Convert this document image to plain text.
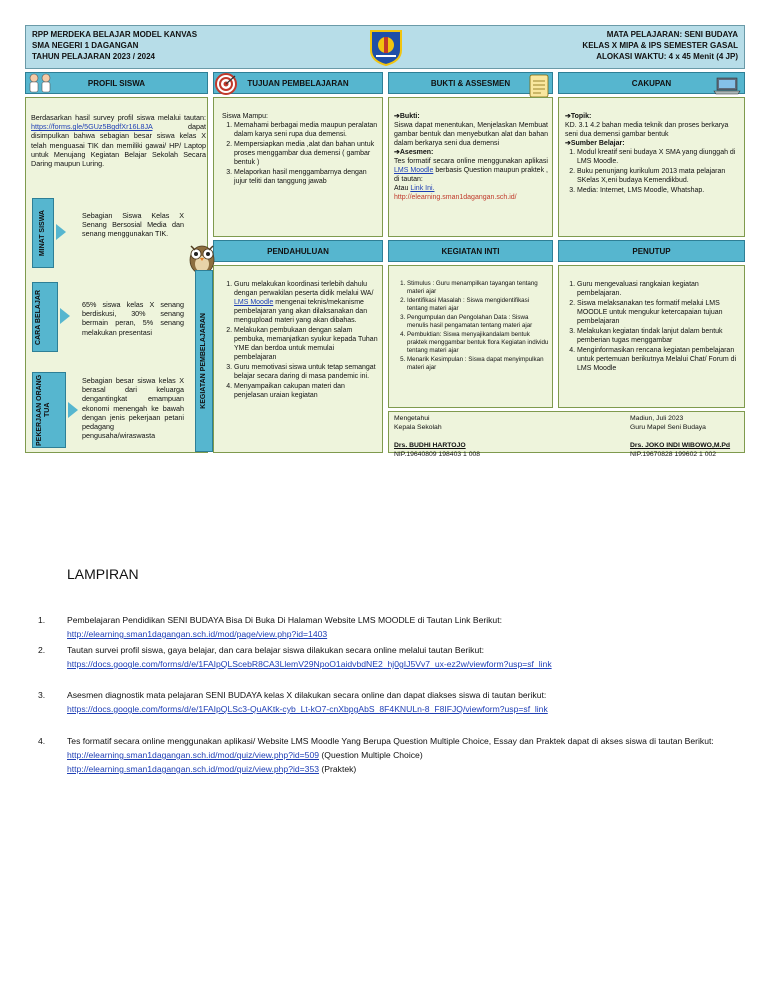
RPP MERDEKA BELAJAR MODEL KANVAS
SMA NEGERI 1 DAGANGAN
TAHUN PELAJARAN 2023 / 2024
MATA PELAJARAN: SENI BUDAYA
KELAS X MIPA & IPS SEMESTER GASAL
ALOKASI WAKTU: 4 x 45 Menit (4 JP)
PROFIL SISWA	TUJUAN PEMBELAJARAN	BUKTI & ASSESMEN	CAKUPAN
Berdasarkan hasil survey profil siswa melalui tautan: https://forms.gle/5GUz5BgdfXr16L8JA dapat disimpulkan bahwa sebagian besar siswa kelas X telah menguasai TIK dan memiliki gawai/ HP/ Laptop untuk Menujang Kegiatan Belajar Sekolah Secara Daring maupun Luring.
MINAT SISWA	Sebagian Siswa Kelas X Senang Bersosial Media dan senang menggunakan TIK.
CARA BELAJAR	65% siswa kelas X senang berdiskusi, 30% senang bermain peran, 5% senang melakukan presentasi
PEKERJAAN ORANG TUA
Sebagian besar siswa kelas X berasal dari keluarga dengantingkat emampuan ekonomi menengah ke bawah dengan jenis pekerjaan petani pedagang pengusaha/wiraswasta
Siswa Mampu:
1. Memahami berbagai media maupun peralatan dalam karya seni rupa dua demensi.
2. Mempersiapkan media ,alat dan bahan untuk proses menggambar dua demensi ( gambar bentuk )
3. Melaporkan hasil menggambarnya dengan jujur teliti dan tanggung jawab
➔Bukti:
Siswa dapat menentukan, Menjelaskan Membuat gambar bentuk dan menyebutkan alat dan bahan dalam berkarya seni dua demensi
➔Asesmen:
Tes formatif secara online menggunakan aplikasi LMS Moodle berbasis Question maupun praktek , di tautan:
Atau Link Ini.
http://elearning.sman1dagangan.sch.id/
➔Topik:
KD. 3.1 4.2 bahan media teknik dan proses berkarya seni dua demensi gambar bentuk
➔Sumber Belajar:
1. Modul kreatif seni budaya X SMA yang diunggah di LMS Moodle.
2. Buku penunjang kurikulum 2013 mata pelajaran SKelas X,eni budaya Kemendikbud.
3. Media: Internet, LMS Moodle, Whatshap.
PENDAHULUAN	KEGIATAN INTI	PENUTUP
KEGIATAN PEMBELAJARAN
1. Guru melakukan koordinasi terlebih dahulu dengan perwakilan peserta didik melalui WA/ LMS Moodle mengenai teknis/mekanisme pembelajaran yang akan dilaksanakan dan mengupload materi yang akan dibahas.
2. Melakukan pembukaan dengan salam pembuka, memanjatkan syukur kepada Tuhan YME dan berdoa untuk memulai pembelajaran
3. Guru memotivasi siswa untuk tetap semangat belajar secara daring di masa pandemic ini.
4. Menyampaikan cakupan materi dan penjelasan uraian kegiatan
1. Stimulus : Guru menampilkan tayangan tentang materi ajar
2. Identifikasi Masalah : Siswa mengidentifikasi tentang materi ajar
3. Pengumpulan dan Pengolahan Data : Siswa menulis hasil pengamatan tentang materi ajar
4. Pembuktian: Siswa menyajikandalam bentuk praktek menggambar bentuk flora Kegiatan individu tentang materi ajar
5. Menarik Kesimpulan : Siswa dapat menyimpulkan materi ajar
1. Guru mengevaluasi rangkaian kegiatan pembelajaran.
2. Siswa melaksanakan tes formatif melalui LMS MOODLE untuk mengukur ketercapaian tujuan pembelajaran
3. Melakukan kegiatan tindak lanjut dalam bentuk pemberian tugas menggambar
4. Menginformasikan rencana kegiatan pembelajaran untuk pertemuan berikutnya Melalui Chat/ Forum di LMS Moodle
Mengetahui
Kepala Sekolah
Drs. BUDHI HARTOJO
NIP.19640809 198403 1 008
Madiun, Juli 2023
Guru Mapel Seni Budaya
Drs. JOKO INDI WIBOWO,M.Pd
NIP.19670828 199602 1 002
LAMPIRAN
1.	Pembelajaran Pendidikan SENI BUDAYA Bisa Di Buka Di Halaman Website LMS MOODLE di Tautan Link Berikut:
http://elearning.sman1dagangan.sch.id/mod/page/view.php?id=1403
2.	Tautan survei profil siswa, gaya belajar, dan cara belajar siswa dilakukan secara online melalui tautan Berikut:
https://docs.google.com/forms/d/e/1FAIpQLScebR8CA3LlemV29NpoO1aidvbdNE2_hj0gIJ5Vv7_ux-ez2w/viewform?usp=sf_link
3.	Asesmen diagnostik mata pelajaran SENI BUDAYA kelas X dilakukan secara online dan dapat diakses siswa di tautan berikut:
https://docs.google.com/forms/d/e/1FAIpQLSc3-QuAKtk-cyb_Lt-kO7-cnXbpgAbS_8F4KNULn-8_F8IFJQ/viewform?usp=sf_link
4.	Tes formatif secara online menggunakan aplikasi/ Website LMS Moodle Yang Berupa Question Multiple Choice, Essay dan Praktek dapat di akses siswa di tautan Berikut:
http://elearning.sman1dagangan.sch.id/mod/quiz/view.php?id=509 (Question Multiple Choice)
http://elearning.sman1dagangan.sch.id/mod/quiz/view.php?id=353 (Praktek)
